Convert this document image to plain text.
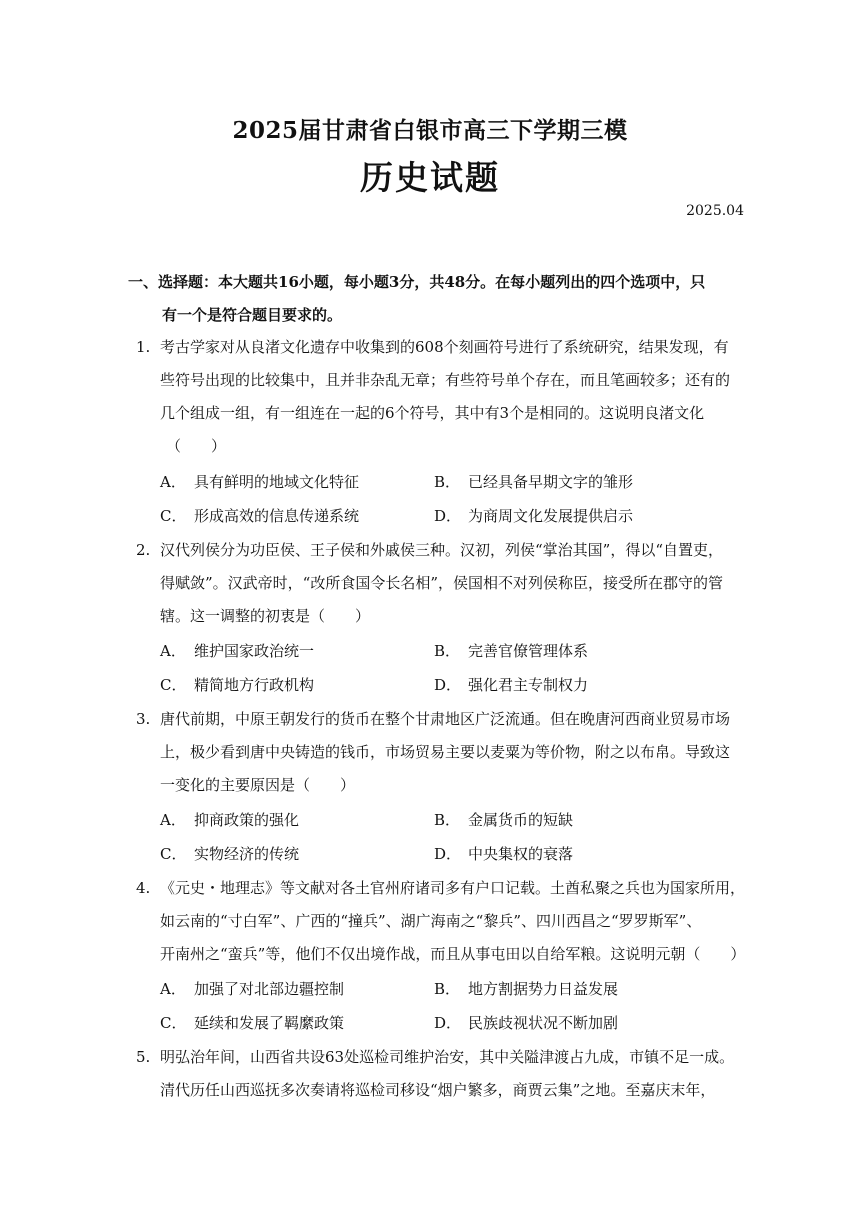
2025届甘肃省白银市高三下学期三模
历史试题
2025.04
一、选择题：本大题共16小题，每小题3分，共48分。在每小题列出的四个选项中，只
有一个是符合题目要求的。
1. 考古学家对从良渚文化遗存中收集到的608个刻画符号进行了系统研究，结果发现，有
些符号出现的比较集中，且并非杂乱无章；有些符号单个存在，而且笔画较多；还有的
几个组成一组，有一组连在一起的6个符号，其中有3个是相同的。这说明良渚文化
（　　）
A． 具有鲜明的地域文化特征	B． 已经具备早期文字的雏形
C． 形成高效的信息传递系统	D． 为商周文化发展提供启示
2. 汉代列侯分为功臣侯、王子侯和外戚侯三种。汉初，列侯“掌治其国”，得以“自置吏，
得赋敛”。汉武帝时，“改所食国令长名相”，侯国相不对列侯称臣，接受所在郡守的管
辖。这一调整的初衷是（　　）
A． 维护国家政治统一	B． 完善官僚管理体系
C． 精简地方行政机构	D． 强化君主专制权力
3. 唐代前期，中原王朝发行的货币在整个甘肃地区广泛流通。但在晚唐河西商业贸易市场
上，极少看到唐中央铸造的钱币，市场贸易主要以麦粟为等价物，附之以布帛。导致这
一变化的主要原因是（　　）
A． 抑商政策的强化	B． 金属货币的短缺
C． 实物经济的传统	D． 中央集权的衰落
4. 《元史・地理志》等文献对各土官州府诸司多有户口记载。土酋私聚之兵也为国家所用，
如云南的“寸白军”、广西的“撞兵”、湖广海南之“黎兵”、四川西昌之“罗罗斯军”、
开南州之“蛮兵”等，他们不仅出境作战，而且从事屯田以自给军粮。这说明元朝（　　）
A． 加强了对北部边疆控制	B． 地方割据势力日益发展
C． 延续和发展了羁縻政策	D． 民族歧视状况不断加剧
5. 明弘治年间，山西省共设63处巡检司维护治安，其中关隘津渡占九成，市镇不足一成。
清代历任山西巡抚多次奏请将巡检司移设“烟户繁多，商贾云集”之地。至嘉庆末年，
